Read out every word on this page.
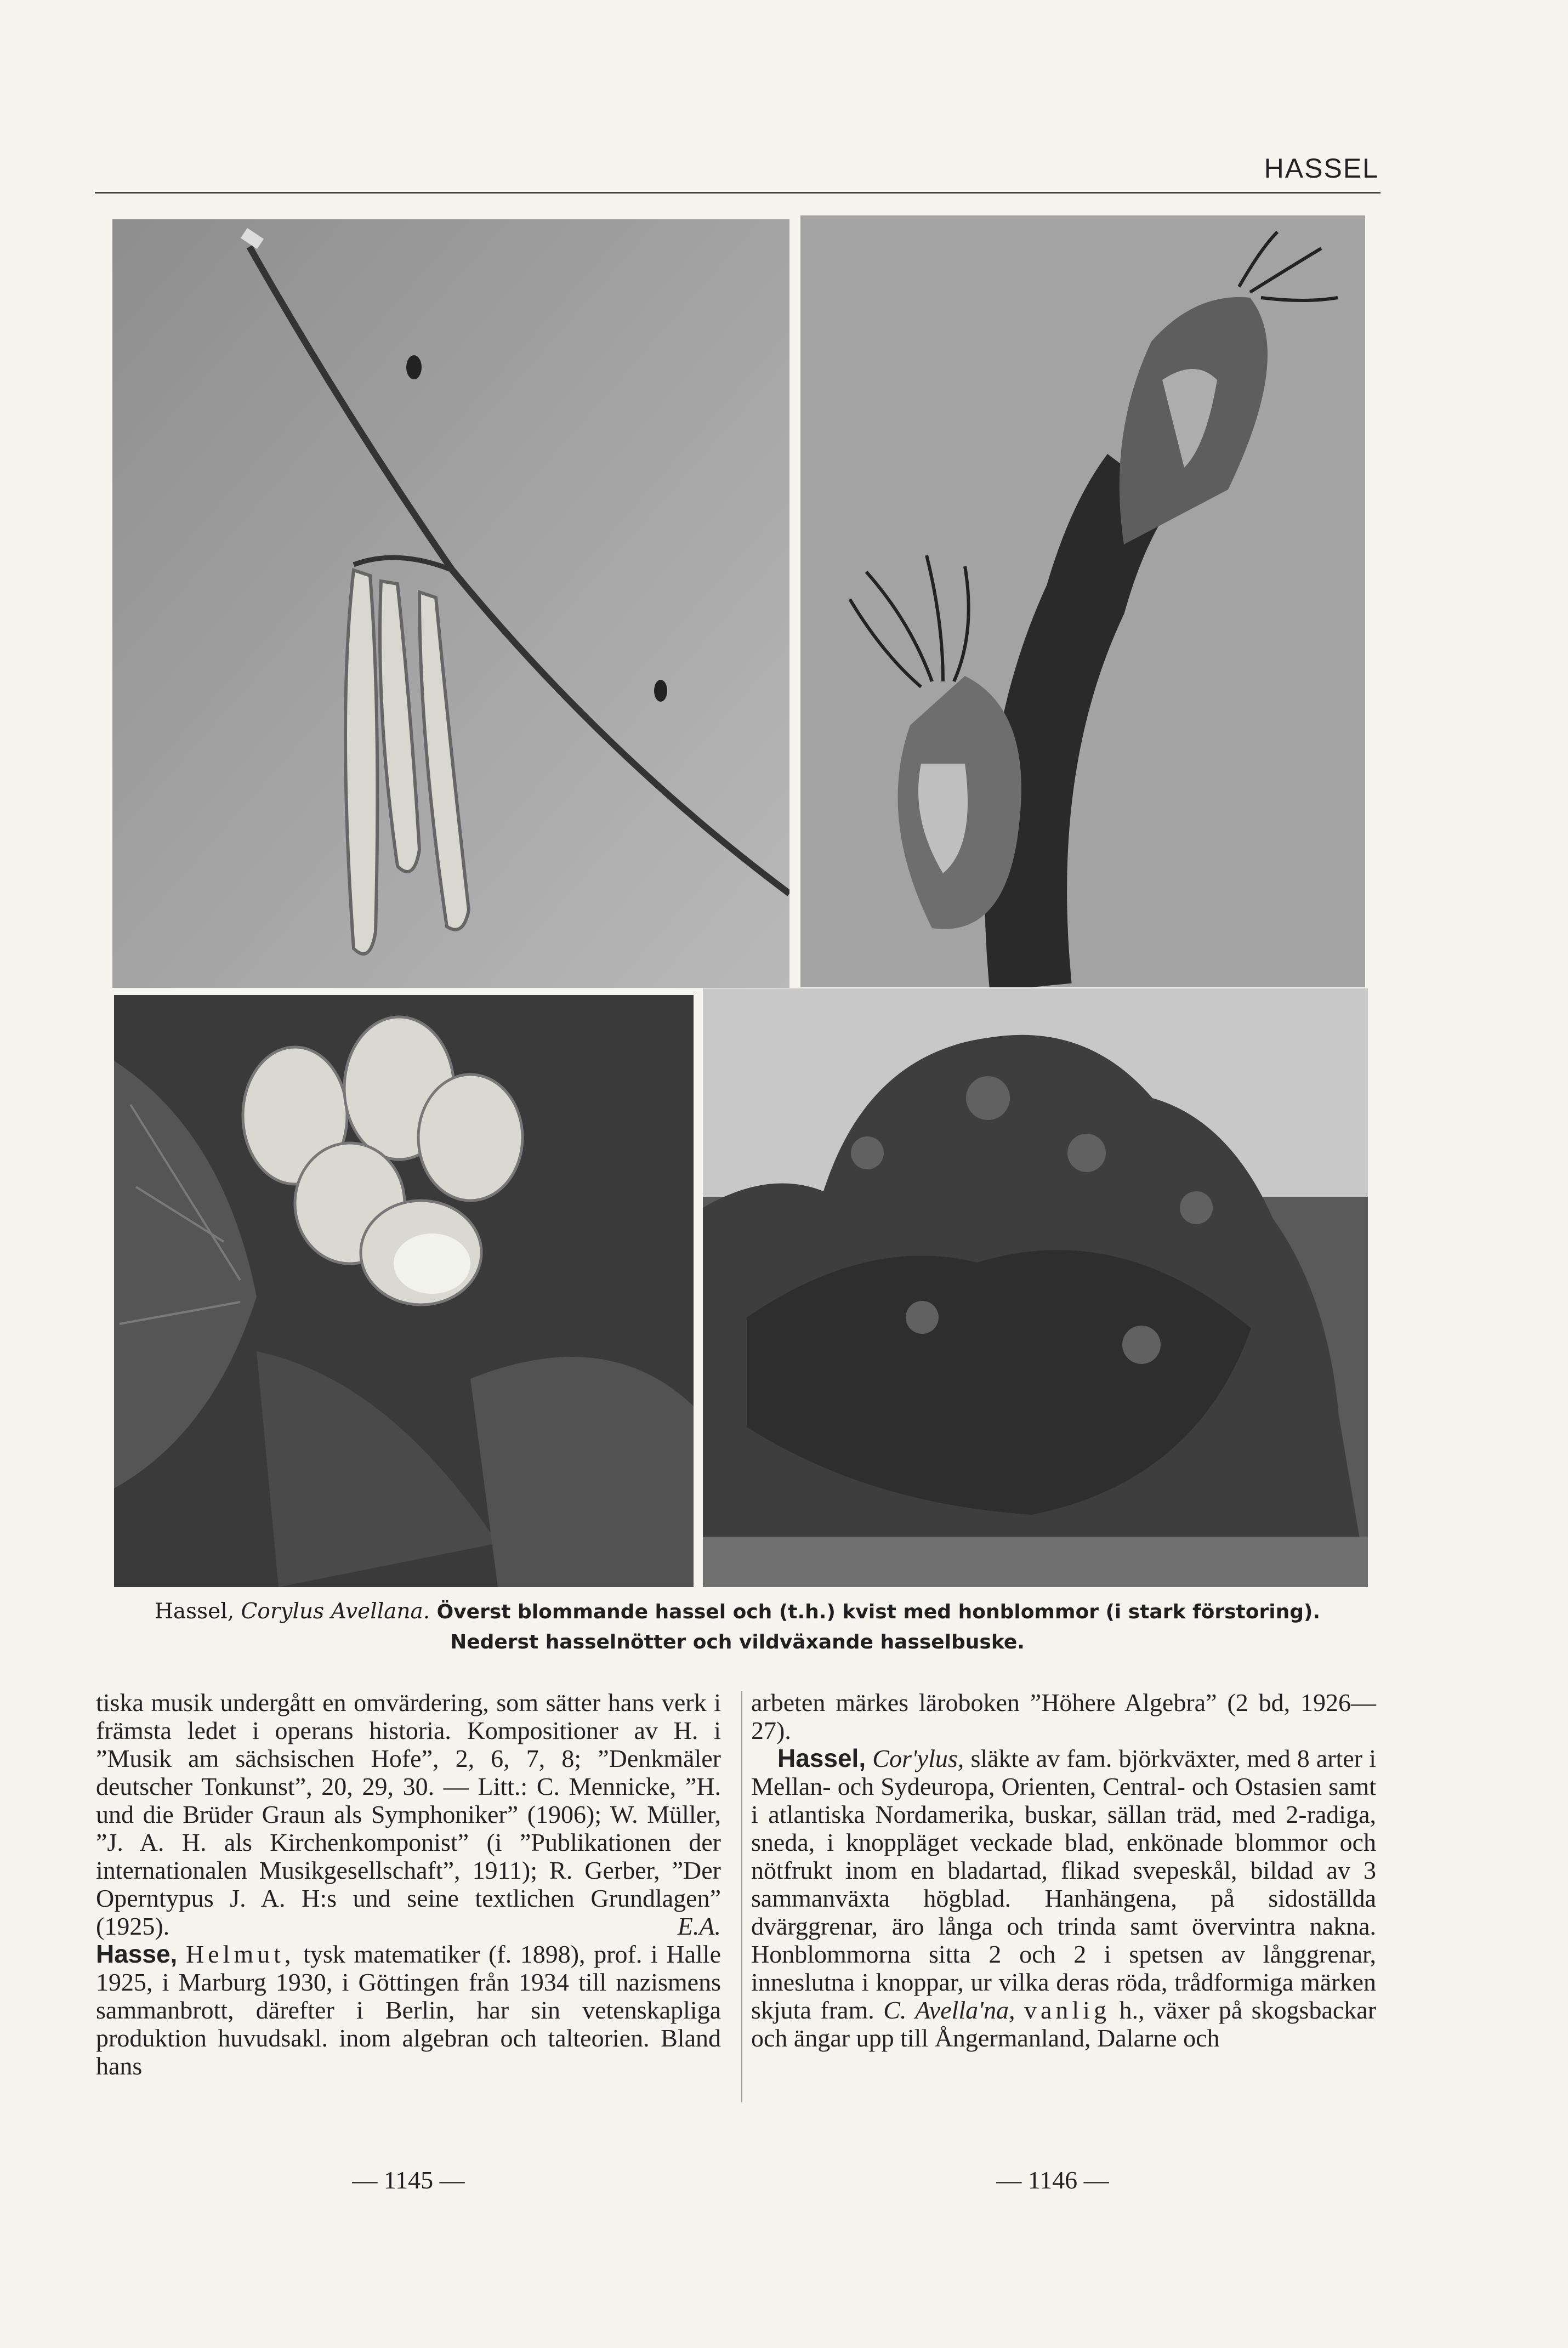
HASSEL
Hassel, Corylus Avellana. Överst blommande hassel och (t.h.) kvist med honblommor (i stark förstoring).
Nederst hasselnötter och vildväxande hasselbuske.

tiska musik undergått en omvärdering, som sätter hans verk i främsta ledet i operans historia. Kompositioner av H. i ”Musik am sächsischen Hofe”, 2, 6, 7, 8; ”Denkmäler deutscher Tonkunst”, 20, 29, 30. — Litt.: C. Mennicke, ”H. und die Brüder Graun als Symphoniker” (1906); W. Müller, ”J. A. H. als Kirchenkomponist” (i ”Publikationen der internationalen Musikgesellschaft”, 1911); R. Gerber, ”Der Operntypus J. A. H:s und seine textlichen Grundlagen” (1925).	E.A.

Hasse, Helmut, tysk matematiker (f. 1898), prof. i Halle 1925, i Marburg 1930, i Göttingen från 1934 till nazismens sammanbrott, därefter i Berlin, har sin vetenskapliga produktion huvudsakl. inom algebran och talteorien. Bland hans

arbeten märkes läroboken ”Höhere Algebra” (2 bd, 1926—27).

Hassel, Cor'ylus, släkte av fam. björkväxter, med 8 arter i Mellan- och Sydeuropa, Orienten, Central- och Ostasien samt i atlantiska Nordamerika, buskar, sällan träd, med 2-radiga, sneda, i knoppläget veckade blad, enkönade blommor och nötfrukt inom en bladartad, flikad svepeskål, bildad av 3 sammanväxta högblad. Hanhängena, på sidoställda dvärggrenar, äro långa och trinda samt övervintra nakna. Honblommorna sitta 2 och 2 i spetsen av långgrenar, inneslutna i knoppar, ur vilka deras röda, trådformiga märken skjuta fram. C. Avella'na, vanlig h., växer på skogsbackar och ängar upp till Ångermanland, Dalarne och

— 1145 —	— 1146 —
